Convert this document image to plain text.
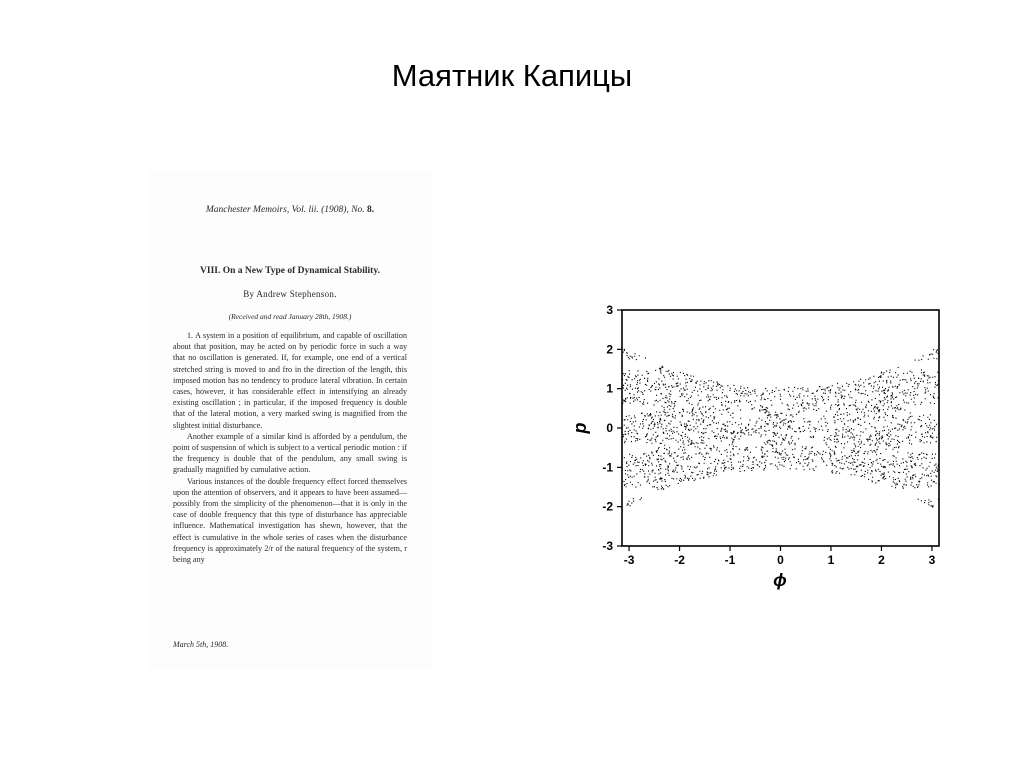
Маятник Капицы
Manchester Memoirs, Vol. lii. (1908), No. 8.
VIII. On a New Type of Dynamical Stability.
By Andrew Stephenson.
(Received and read January 28th, 1908.)

1. A system in a position of equilibrium, and capable of oscillation about that position, may be acted on by periodic force in such a way that no oscillation is generated. If, for example, one end of a vertical stretched string is moved to and fro in the direction of the length, this imposed motion has no tendency to produce lateral vibration. In certain cases, however, it has considerable effect in intensifying an already existing oscillation ; in particular, if the imposed frequency is double that of the lateral motion, a very marked swing is magnified from the slightest initial disturbance.

Another example of a similar kind is afforded by a pendulum, the point of suspension of which is subject to a vertical periodic motion : if the frequency is double that of the pendulum, any small swing is gradually magnified by cumulative action.

Various instances of the double frequency effect forced themselves upon the attention of observers, and it appears to have been assumed—possibly from the simplicity of the phenomenon—that it is only in the case of double frequency that this type of disturbance has appreciable influence. Mathematical investigation has shewn, however, that the effect is cumulative in the whole series of cases when the disturbance frequency is approximately 2/r of the natural frequency of the system, r being any

March 5th, 1908.
-3	-2	-1	0	1	2	3
3
2
1
0
-1
-2
-3
ϕ
p
